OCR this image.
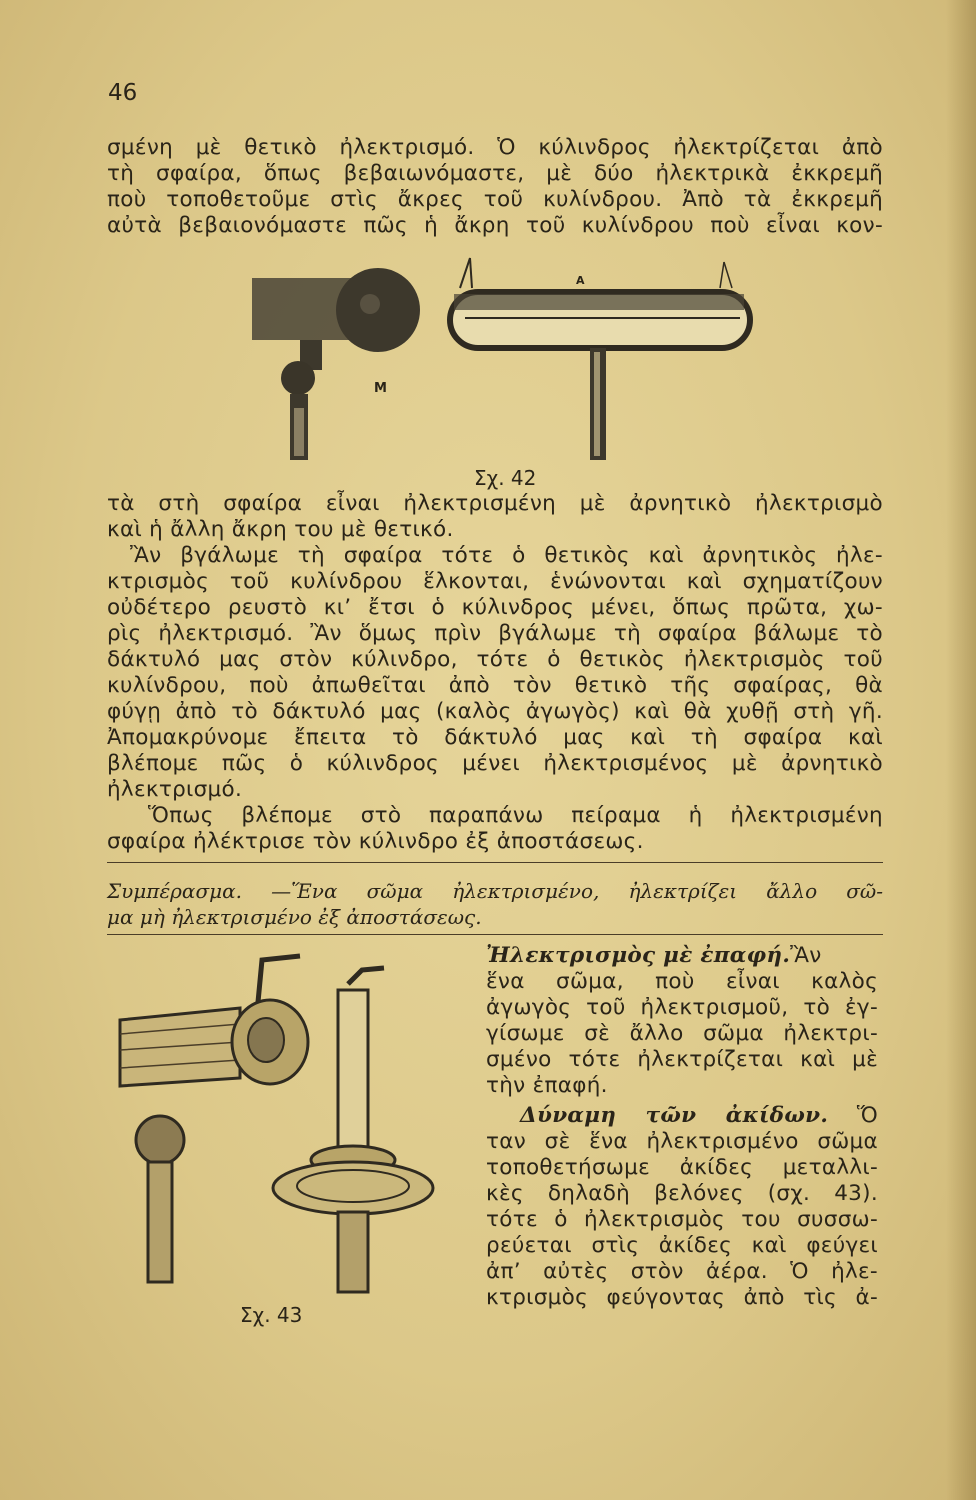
46
σμένη μὲ θετικὸ ἠλεκτρισμό. Ὁ κύλινδρος ἠλεκτρίζεται ἀπὸ
τὴ σφαίρα, ὅπως βεβαιωνόμαστε, μὲ δύο ἠλεκτρικὰ ἐκκρεμῆ
ποὺ τοποθετοῦμε στὶς ἄκρες τοῦ κυλίνδρου. Ἀπὸ τὰ ἐκκρεμῆ
αὐτὰ βεβαιονόμαστε πῶς ἡ ἄκρη τοῦ κυλίνδρου ποὺ εἶναι κον-
Μ
Α
Σχ. 42
τὰ στὴ σφαίρα εἶναι ἠλεκτρισμένη μὲ ἀρνητικὸ ἠλεκτρισμὸ
καὶ ἡ ἄλλη ἄκρη του μὲ θετικό.
Ἂν βγάλωμε τὴ σφαίρα τότε ὁ θετικὸς καὶ ἀρνητικὸς ἠλε-
κτρισμὸς τοῦ κυλίνδρου ἕλκονται, ἑνώνονται καὶ σχηματίζουν
οὐδέτερο ρευστὸ κι’ ἔτσι ὁ κύλινδρος μένει, ὅπως πρῶτα, χω-
ρὶς ἠλεκτρισμό. Ἂν ὅμως πρὶν βγάλωμε τὴ σφαίρα βάλωμε τὸ
δάκτυλό μας στὸν κύλινδρο, τότε ὁ θετικὸς ἠλεκτρισμὸς τοῦ
κυλίνδρου, ποὺ ἀπωθεῖται ἀπὸ τὸν θετικὸ τῆς σφαίρας, θὰ
φύγῃ ἀπὸ τὸ δάκτυλό μας (καλὸς ἀγωγὸς) καὶ θὰ χυθῇ στὴ γῆ.
Ἀπομακρύνομε ἔπειτα τὸ δάκτυλό μας καὶ τὴ σφαίρα καὶ
βλέπομε πῶς ὁ κύλινδρος μένει ἠλεκτρισμένος μὲ ἀρνητικὸ
ἠλεκτρισμό.
Ὅπως βλέπομε στὸ παραπάνω πείραμα ἡ ἠλεκτρισμένη
σφαίρα ἠλέκτρισε τὸν κύλινδρο ἐξ ἀποστάσεως.
Συμπέρασμα. —Ἕνα σῶμα ἠλεκτρισμένο, ἠλεκτρίζει ἄλλο σῶ-
μα μὴ ἠλεκτρισμένο ἐξ ἀποστάσεως.
Σχ. 43
Ἠλεκτρισμὸς μὲ ἐπαφή.Ἂν
ἕνα σῶμα, ποὺ εἶναι καλὸς
ἀγωγὸς τοῦ ἠλεκτρισμοῦ, τὸ ἐγ-
γίσωμε σὲ ἄλλο σῶμα ἠλεκτρι-
σμένο τότε ἠλεκτρίζεται καὶ μὲ
τὴν ἐπαφή.
Δύναμη τῶν ἀκίδων. Ὅ
ταν σὲ ἕνα ἠλεκτρισμένο σῶμα
τοποθετήσωμε ἀκίδες μεταλλι-
κὲς δηλαδὴ βελόνες (σχ. 43).
τότε ὁ ἠλεκτρισμὸς του συσσω-
ρεύεται στὶς ἀκίδες καὶ φεύγει
ἀπ’ αὐτὲς στὸν ἀέρα. Ὁ ἠλε-
κτρισμὸς φεύγοντας ἀπὸ τὶς ἀ-
